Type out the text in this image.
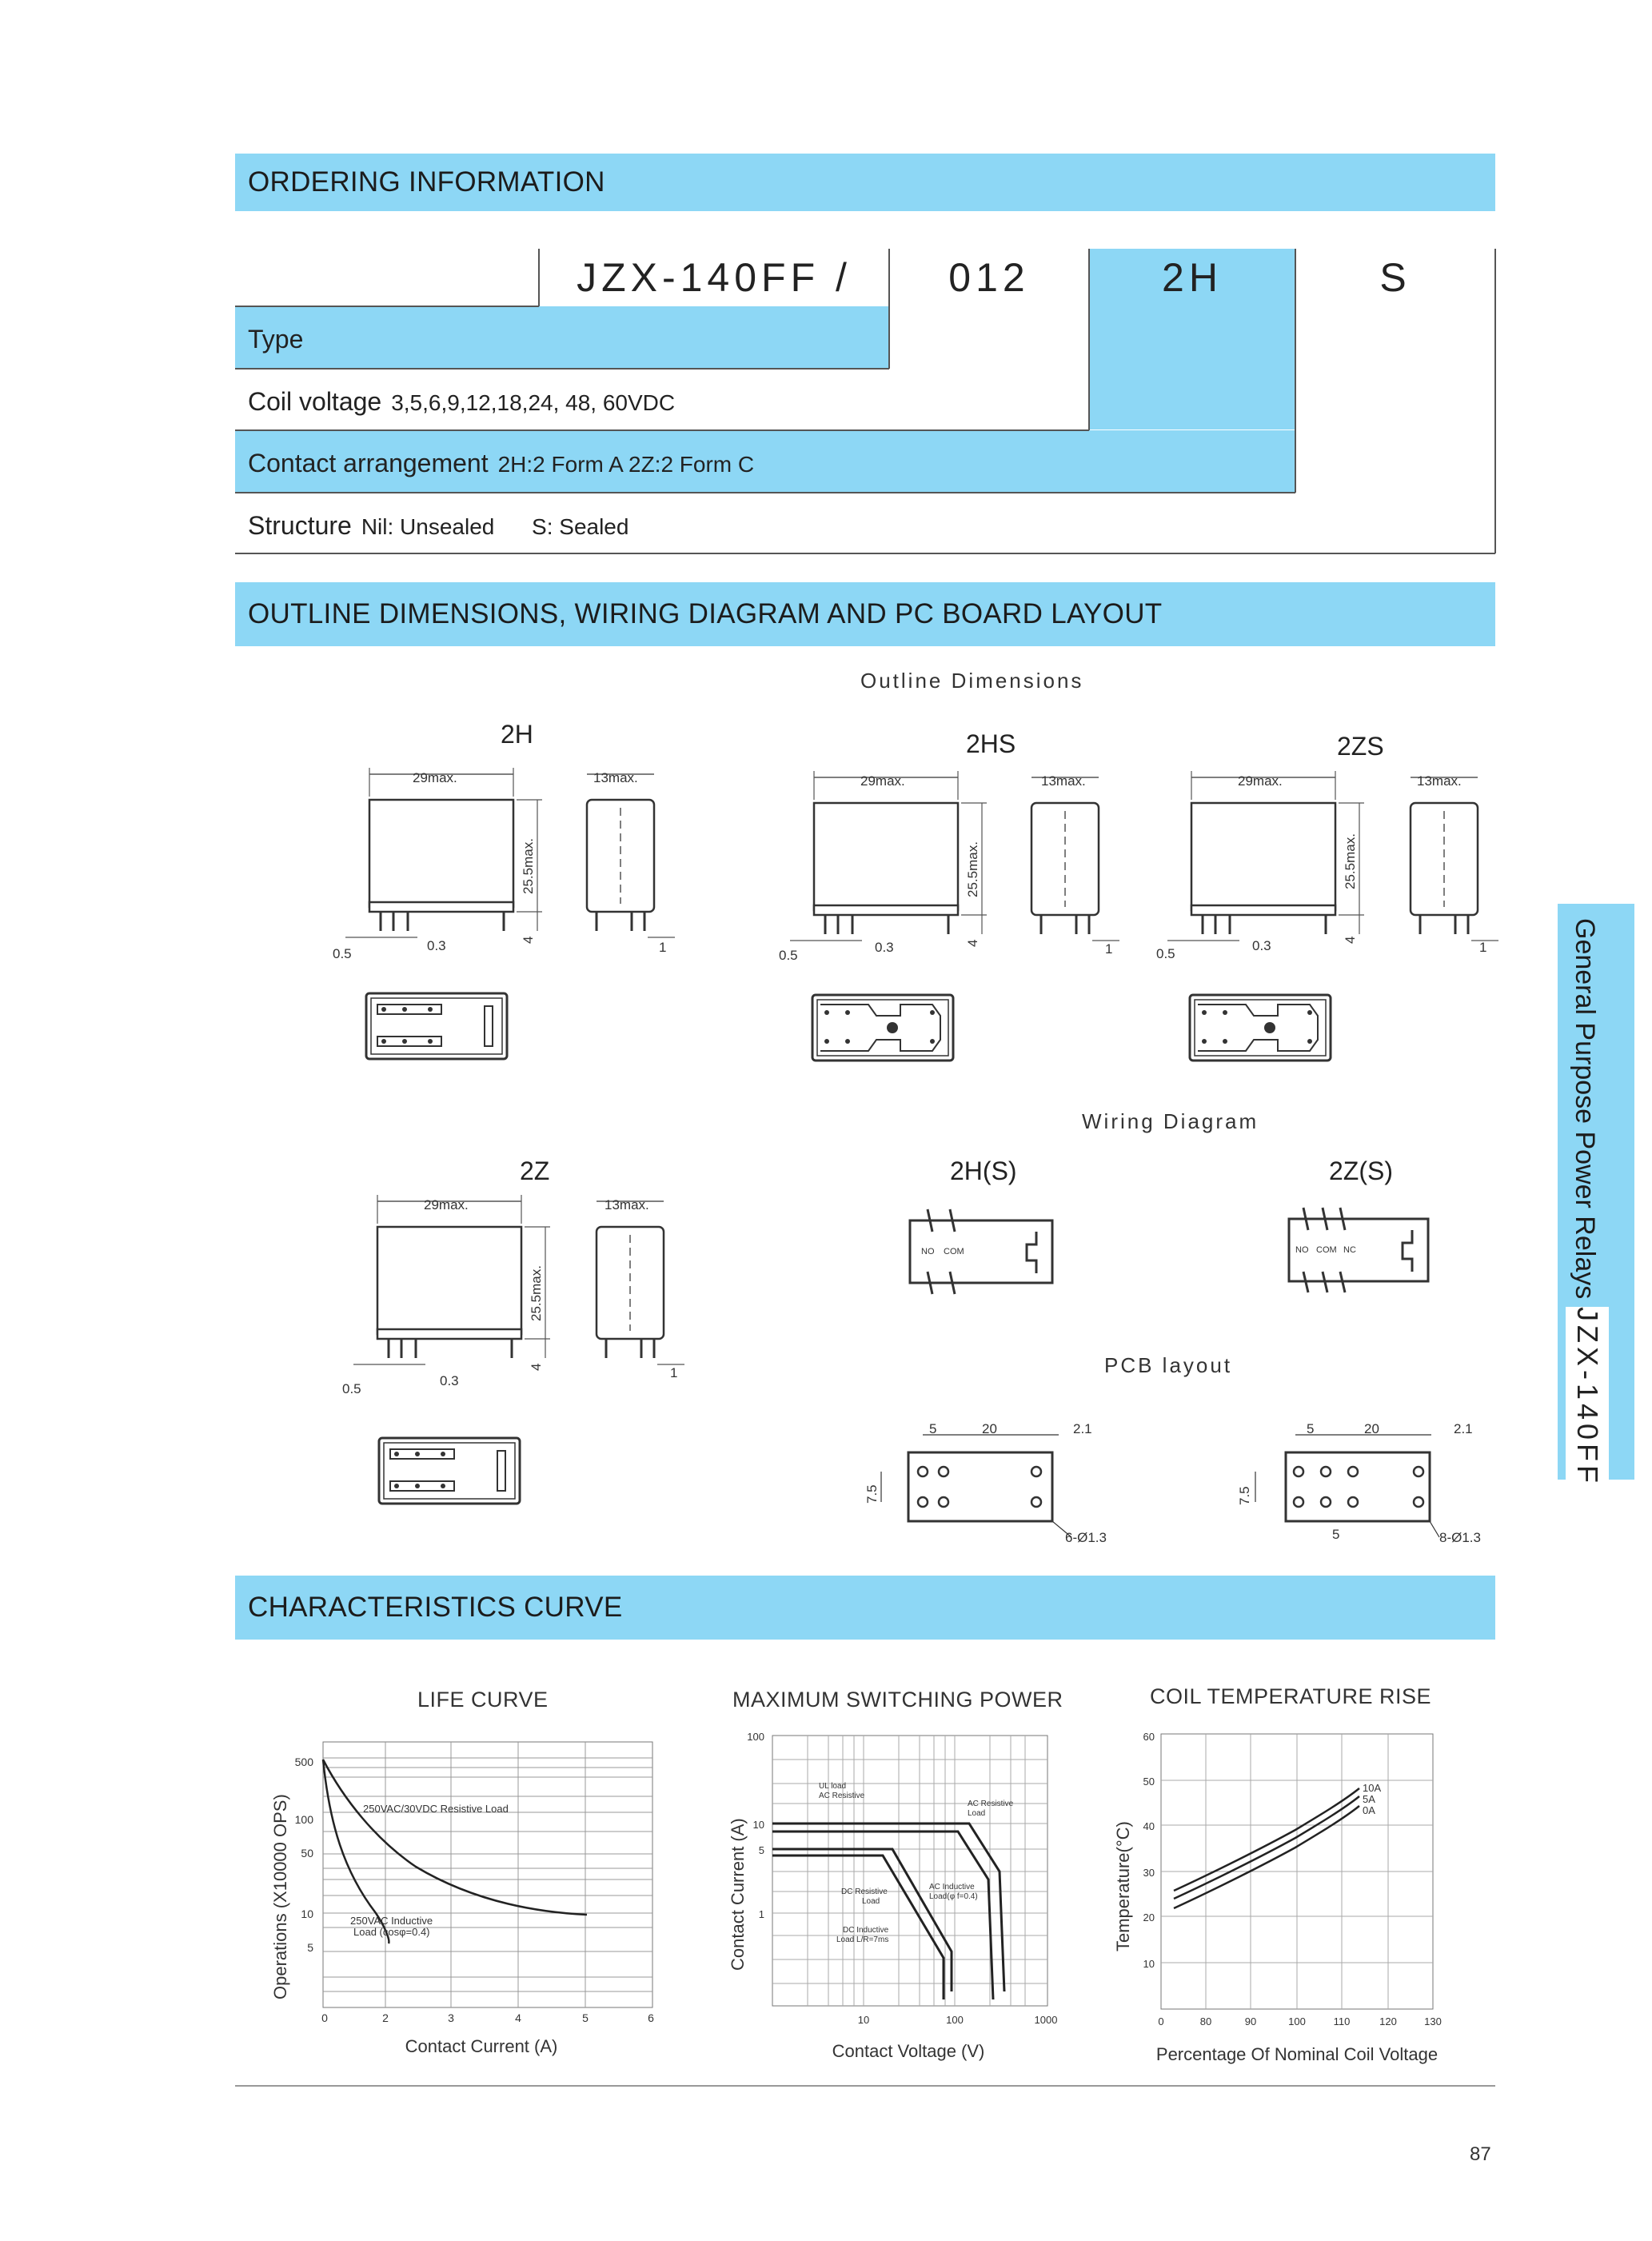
ORDERING INFORMATION
JZX-140FF /	012	2H	S
Type
Coil voltage 3,5,6,9,12,18,24, 48, 60VDC
Contact arrangement 2H:2 Form A 2Z:2 Form C
Structure Nil: Unsealed      S: Sealed
OUTLINE DIMENSIONS, WIRING DIAGRAM AND PC BOARD LAYOUT
Outline Dimensions
Wiring Diagram
PCB layout
2H	2HS	2ZS
2Z	2H(S)	2Z(S)
29max.	13max.	29max.	13max.	29max.	13max.
29max.	13max.
0.5
0.3	1
0.5
0.3	1	0.5
0.3	1
0.5
0.3
1
25.5max.
4
25.5max.
4
25.5max.
4
25.5max.
4
NO COM	NO COM NC
5	20	2.1
6-Ø1.3
7.5
5	20	2.1
5	8-Ø1.3
7.5
CHARACTERISTICS CURVE
LIFE CURVE	MAXIMUM SWITCHING POWER	COIL TEMPERATURE RISE
250VAC/30VDC Resistive Load
250VAC Inductive
Load (cosφ=0.4)
500
100
50
10
5
0	2	3	4	5	6
Contact Current (A)
Operations (X10000 OPS)
UL load
AC Resistive
AC Resistive
Load
AC Inductive
Load(φ f=0.4)
DC Resistive
Load
DC Inductive
Load L/R=7ms
100
10
5
1
10	100	1000
Contact Voltage (V)
Contact Current (A)
10A
5A
0A
60
50
40
30
20
10
0	80	90	100	110	120	130
Percentage Of Nominal Coil Voltage
Temperature(°C)
General Purpose Power Relays
JZX-140FF
87
